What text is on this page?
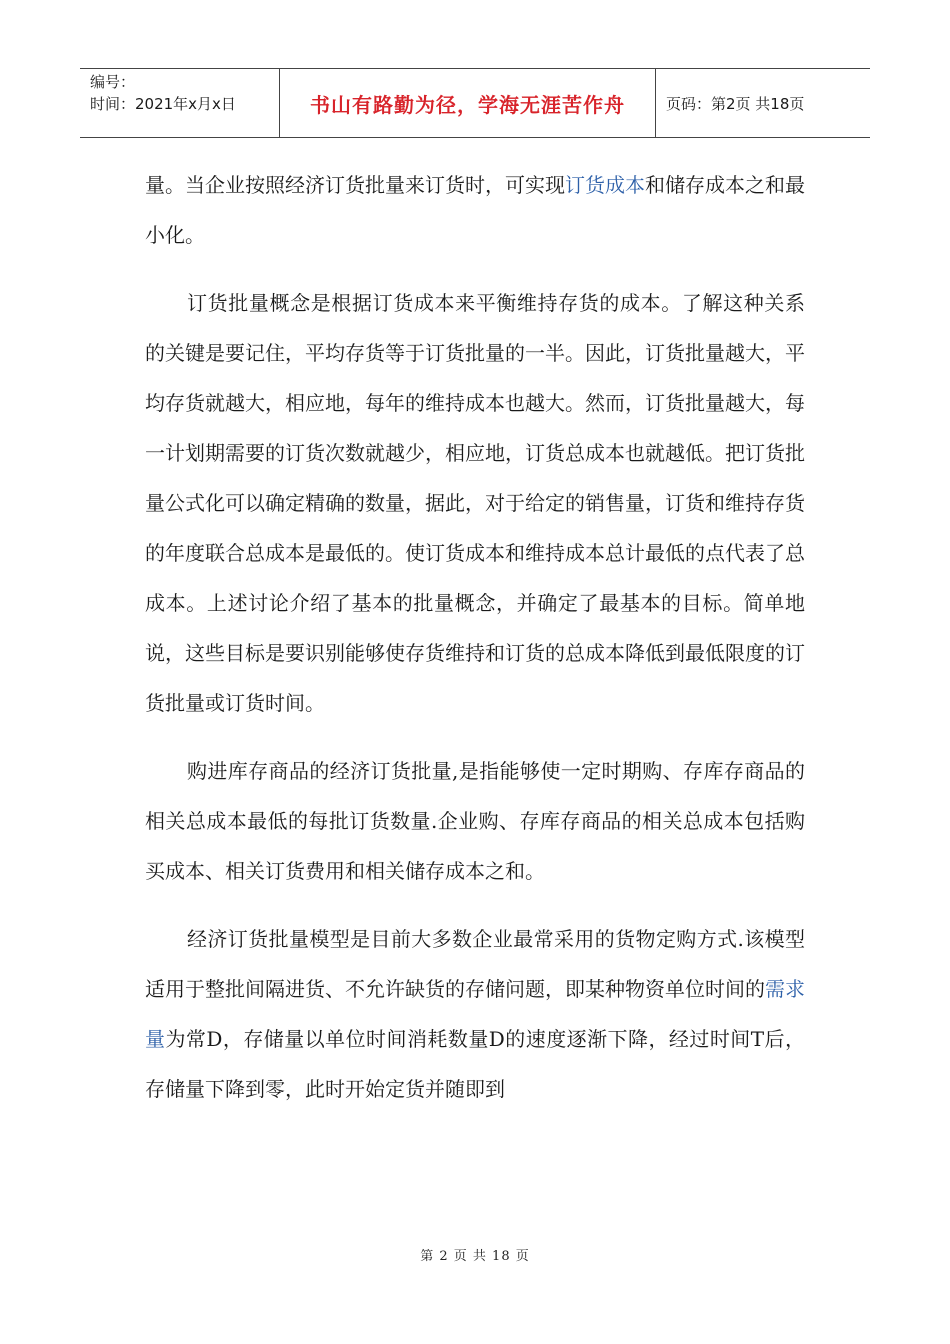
编号：
时间：2021年x月x日	书山有路勤为径，学海无涯苦作舟	页码：第2页 共18页

量。当企业按照经济订货批量来订货时，可实现订货成本和储存成本之和最小化。

订货批量概念是根据订货成本来平衡维持存货的成本。了解这种关系的关键是要记住，平均存货等于订货批量的一半。因此，订货批量越大，平均存货就越大，相应地，每年的维持成本也越大。然而，订货批量越大，每一计划期需要的订货次数就越少，相应地，订货总成本也就越低。把订货批量公式化可以确定精确的数量，据此，对于给定的销售量，订货和维持存货的年度联合总成本是最低的。使订货成本和维持成本总计最低的点代表了总成本。上述讨论介绍了基本的批量概念，并确定了最基本的目标。简单地说，这些目标是要识别能够使存货维持和订货的总成本降低到最低限度的订货批量或订货时间。

购进库存商品的经济订货批量,是指能够使一定时期购、存库存商品的相关总成本最低的每批订货数量.企业购、存库存商品的相关总成本包括购买成本、相关订货费用和相关储存成本之和。

经济订货批量模型是目前大多数企业最常采用的货物定购方式.该模型适用于整批间隔进货、不允许缺货的存储问题，即某种物资单位时间的需求量为常D，存储量以单位时间消耗数量D的速度逐渐下降，经过时间T后，存储量下降到零，此时开始定货并随即到

第 2 页 共 18 页
